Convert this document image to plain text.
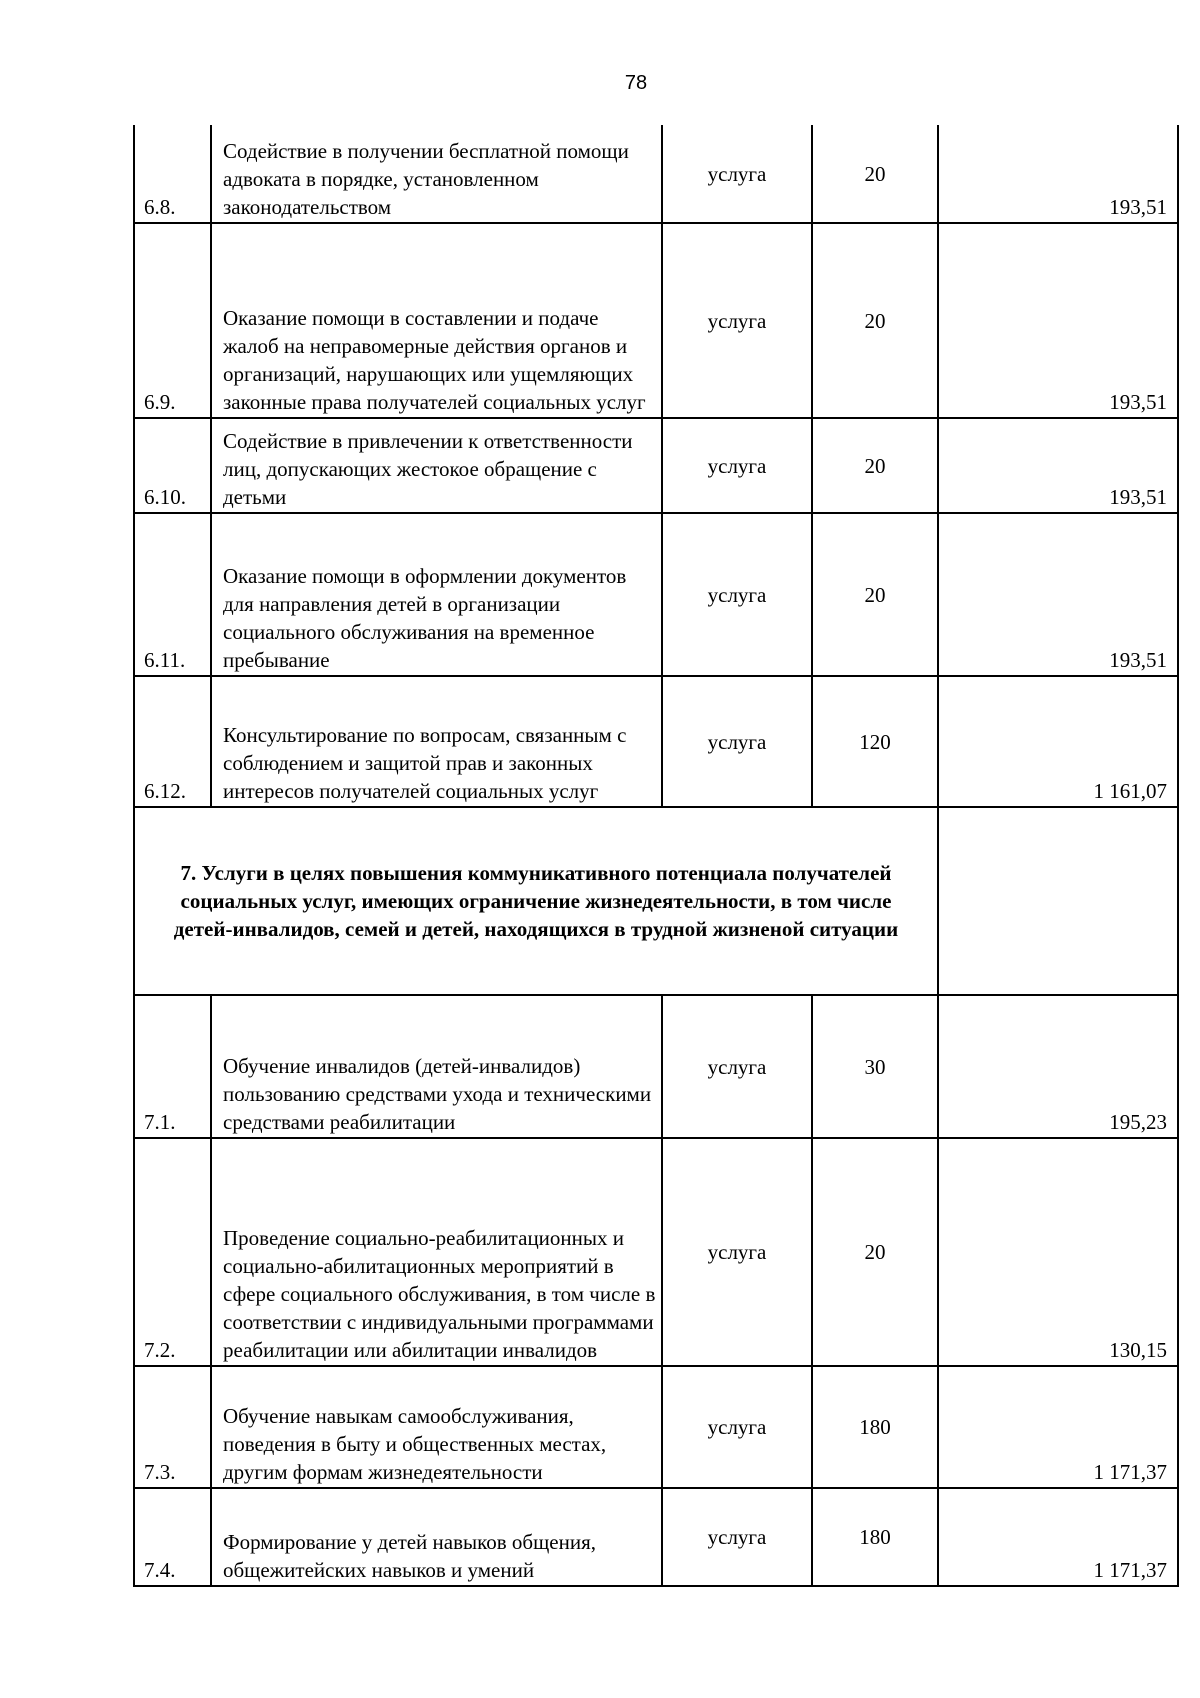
78
6.8.	Содействие в получении бесплатной помощи адвоката в порядке, установленном законодательством	услуга	20	193,51
6.9.	Оказание помощи в составлении и подаче жалоб на неправомерные действия органов и организаций, нарушающих или ущемляющих законные права получателей социальных услуг	услуга	20	193,51
6.10.	Содействие в привлечении к ответственности лиц, допускающих жестокое обращение с детьми	услуга	20	193,51
6.11.	Оказание помощи в оформлении документов для направления детей в организации социального обслуживания на временное пребывание	услуга	20	193,51
6.12.	Консультирование по вопросам, связанным с соблюдением и защитой прав и законных интересов получателей социальных услуг	услуга	120	1 161,07
7. Услуги в целях повышения коммуникативного потенциала получателей социальных услуг, имеющих ограничение жизнедеятельности, в том числе детей-инвалидов, семей и детей, находящихся в трудной жизненой ситуации				
7.1.	Обучение инвалидов (детей-инвалидов) пользованию средствами ухода и техническими средствами реабилитации	услуга	30	195,23
7.2.	Проведение социально-реабилитационных и социально-абилитационных мероприятий в сфере социального обслуживания, в том числе в соответствии с индивидуальными программами реабилитации или абилитации инвалидов	услуга	20	130,15
7.3.	Обучение навыкам самообслуживания, поведения в быту и общественных местах, другим формам жизнедеятельности	услуга	180	1 171,37
7.4.	Формирование у детей навыков общения, общежитейских навыков и умений	услуга	180	1 171,37
